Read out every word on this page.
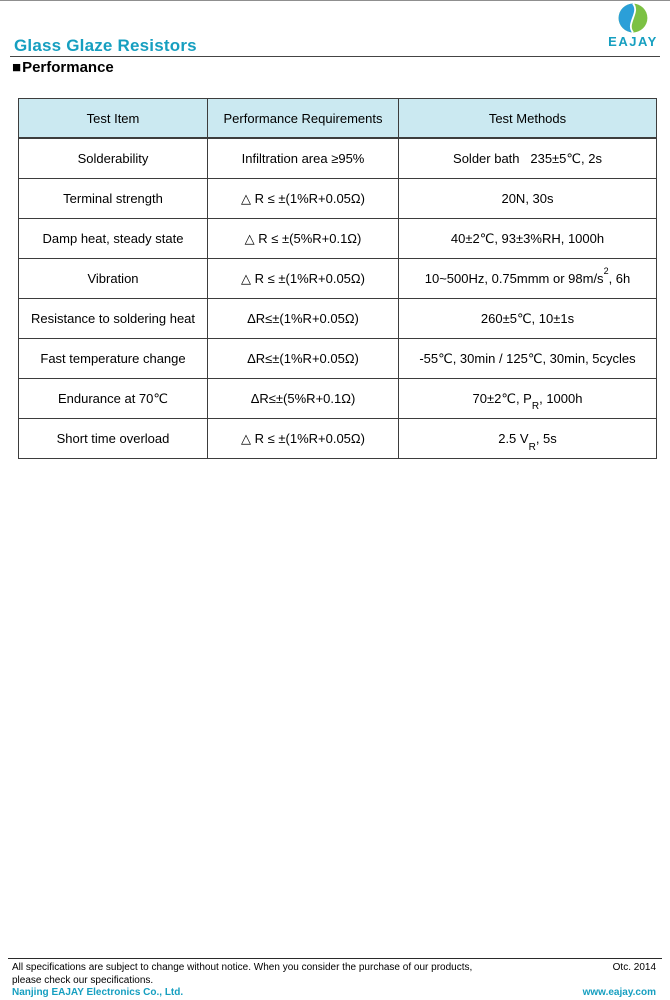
Glass Glaze Resistors	EAJAY
■Performance
Test Item	Performance Requirements	Test Methods
Solderability	Infiltration area ≥95%	Solder bath   235±5℃, 2s
Terminal strength	△ R ≤ ±(1%R+0.05Ω)	20N, 30s
Damp heat, steady state	△ R ≤ ±(5%R+0.1Ω)	40±2℃, 93±3%RH, 1000h
Vibration	△ R ≤ ±(1%R+0.05Ω)	10~500Hz, 0.75mmm or $98m/s^2$, 6h
Resistance to soldering heat	ΔR≤±(1%R+0.05Ω)	260±5℃, 10±1s
Fast temperature change	ΔR≤±(1%R+0.05Ω)	-55℃, 30min / 125℃, 30min, 5cycles
Endurance at 70℃	ΔR≤±(5%R+0.1Ω)	70±2℃, $P_R$, 1000h
Short time overload	△ R ≤ ±(1%R+0.05Ω)	2.5 $V_R$, 5s
All specifications are subject to change without notice. When you consider the purchase of our products,
please check our specifications.
Otc. 2014
Nanjing EAJAY Electronics Co., Ltd.	www.eajay.com
